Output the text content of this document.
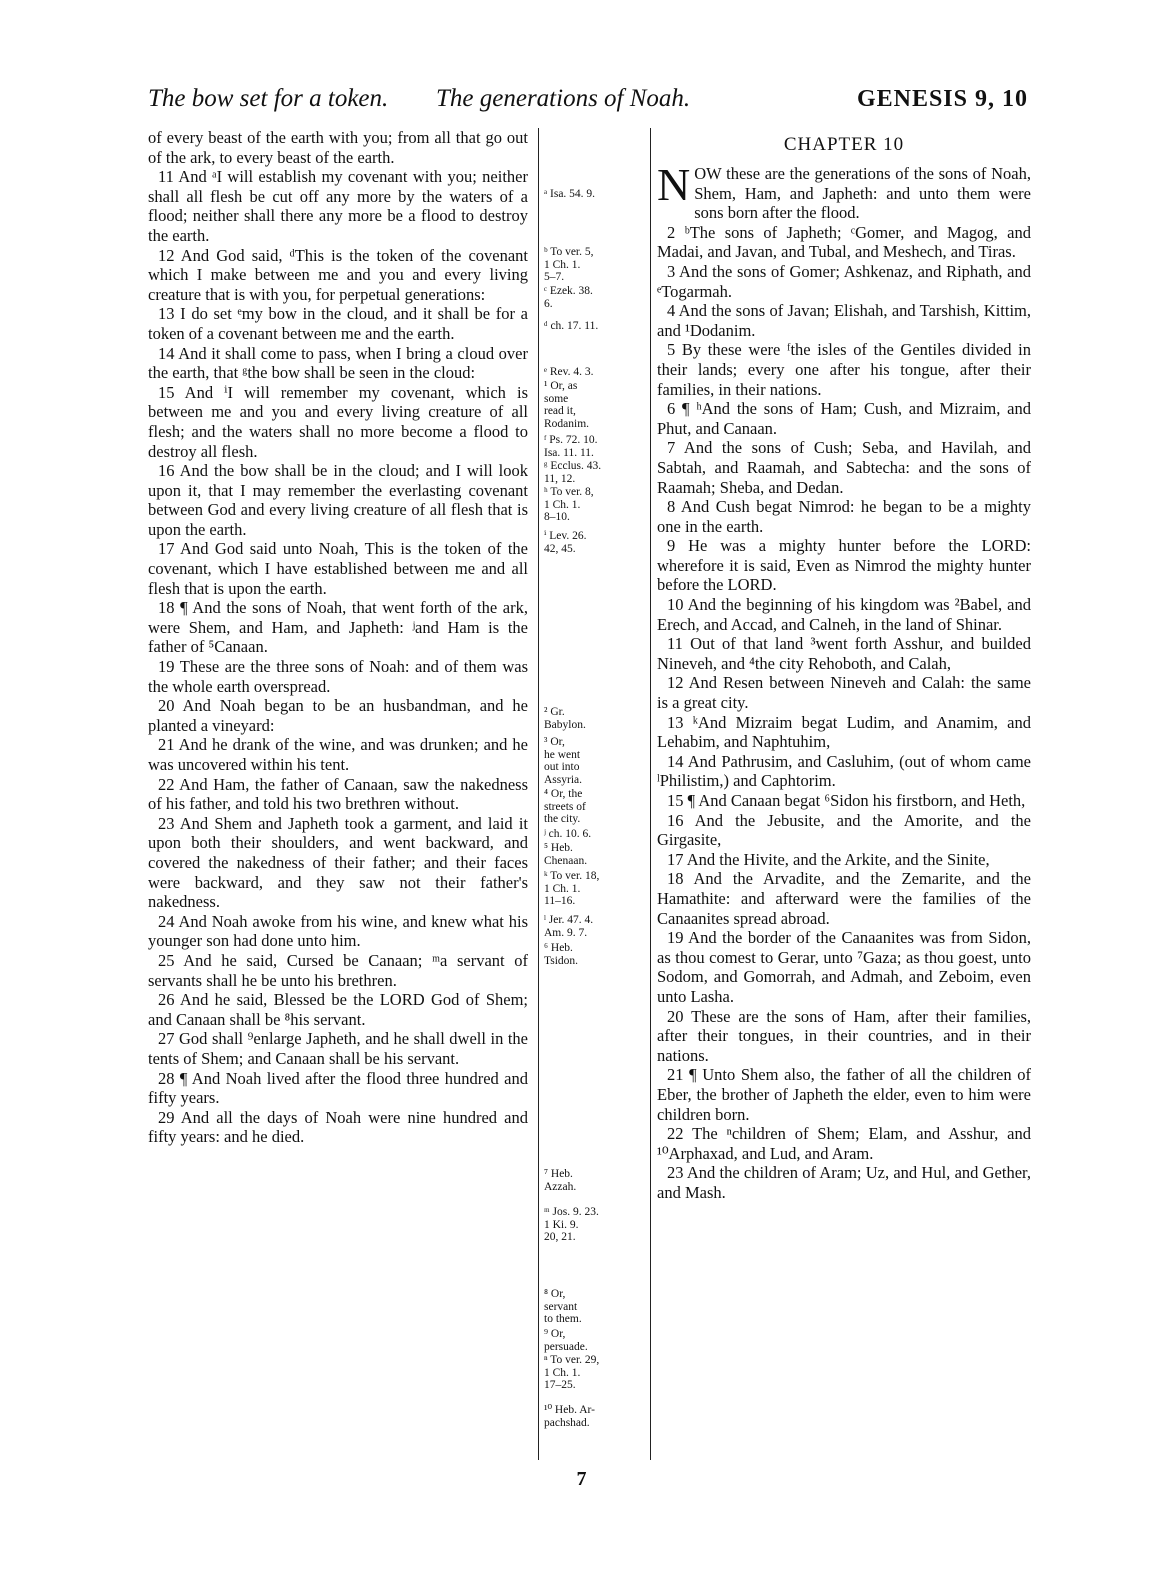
The bow set for a token. The generations of Noah.	GENESIS 9, 10

of every beast of the earth with you; from all that go out of the ark, to every beast of the earth.

11 And ᵃI will establish my covenant with you; neither shall all flesh be cut off any more by the waters of a flood; neither shall there any more be a flood to destroy the earth.

12 And God said, ᵈThis is the token of the covenant which I make between me and you and every living creature that is with you, for perpetual generations:

13 I do set ᵉmy bow in the cloud, and it shall be for a token of a covenant between me and the earth.

14 And it shall come to pass, when I bring a cloud over the earth, that ᵍthe bow shall be seen in the cloud:

15 And ⁱI will remember my covenant, which is between me and you and every living creature of all flesh; and the waters shall no more become a flood to destroy all flesh.

16 And the bow shall be in the cloud; and I will look upon it, that I may remember the everlasting covenant between God and every living creature of all flesh that is upon the earth.

17 And God said unto Noah, This is the token of the covenant, which I have established between me and all flesh that is upon the earth.

18 ¶ And the sons of Noah, that went forth of the ark, were Shem, and Ham, and Japheth: ʲand Ham is the father of ⁵Canaan.

19 These are the three sons of Noah: and of them was the whole earth overspread.

20 And Noah began to be an husbandman, and he planted a vineyard:

21 And he drank of the wine, and was drunken; and he was uncovered within his tent.

22 And Ham, the father of Canaan, saw the nakedness of his father, and told his two brethren without.

23 And Shem and Japheth took a garment, and laid it upon both their shoulders, and went backward, and covered the nakedness of their father; and their faces were backward, and they saw not their father's nakedness.

24 And Noah awoke from his wine, and knew what his younger son had done unto him.

25 And he said, Cursed be Canaan; ᵐa servant of servants shall he be unto his brethren.

26 And he said, Blessed be the LORD God of Shem; and Canaan shall be ⁸his servant.

27 God shall ⁹enlarge Japheth, and he shall dwell in the tents of Shem; and Canaan shall be his servant.

28 ¶ And Noah lived after the flood three hundred and fifty years.

29 And all the days of Noah were nine hundred and fifty years: and he died.

ᵃ Isa. 54. 9.
ᵇ To ver. 5,
1 Ch. 1.
5–7.
ᶜ Ezek. 38.
6.
ᵈ ch. 17. 11.
ᵉ Rev. 4. 3.
¹ Or, as
some
read it,
Rodanim.
ᶠ Ps. 72. 10.
Isa. 11. 11.
ᵍ Ecclus. 43.
11, 12.
ʰ To ver. 8,
1 Ch. 1.
8–10.
ⁱ Lev. 26.
42, 45.
² Gr.
Babylon.
³ Or,
he went
out into
Assyria.
⁴ Or, the
streets of
the city.
ʲ ch. 10. 6.
⁵ Heb.
Chenaan.
ᵏ To ver. 18,
1 Ch. 1.
11–16.
ˡ Jer. 47. 4.
Am. 9. 7.
⁶ Heb.
Tsidon.
⁷ Heb.
Azzah.
ᵐ Jos. 9. 23.
1 Ki. 9.
20, 21.
⁸ Or,
servant
to them.
⁹ Or,
persuade.
ⁿ To ver. 29,
1 Ch. 1.
17–25.
¹⁰ Heb. Ar-
pachshad.
CHAPTER 10

NOW these are the generations of the sons of Noah, Shem, Ham, and Japheth: and unto them were sons born after the flood.

2 ᵇThe sons of Japheth; ᶜGomer, and Magog, and Madai, and Javan, and Tubal, and Meshech, and Tiras.

3 And the sons of Gomer; Ashkenaz, and Riphath, and ᵉTogarmah.

4 And the sons of Javan; Elishah, and Tarshish, Kittim, and ¹Dodanim.

5 By these were ᶠthe isles of the Gentiles divided in their lands; every one after his tongue, after their families, in their nations.

6 ¶ ʰAnd the sons of Ham; Cush, and Mizraim, and Phut, and Canaan.

7 And the sons of Cush; Seba, and Havilah, and Sabtah, and Raamah, and Sabtecha: and the sons of Raamah; Sheba, and Dedan.

8 And Cush begat Nimrod: he began to be a mighty one in the earth.

9 He was a mighty hunter before the LORD: wherefore it is said, Even as Nimrod the mighty hunter before the LORD.

10 And the beginning of his kingdom was ²Babel, and Erech, and Accad, and Calneh, in the land of Shinar.

11 Out of that land ³went forth Asshur, and builded Nineveh, and ⁴the city Rehoboth, and Calah,

12 And Resen between Nineveh and Calah: the same is a great city.

13 ᵏAnd Mizraim begat Ludim, and Anamim, and Lehabim, and Naphtuhim,

14 And Pathrusim, and Casluhim, (out of whom came ˡPhilistim,) and Caphtorim.

15 ¶ And Canaan begat ⁶Sidon his firstborn, and Heth,

16 And the Jebusite, and the Amorite, and the Girgasite,

17 And the Hivite, and the Arkite, and the Sinite,

18 And the Arvadite, and the Zemarite, and the Hamathite: and afterward were the families of the Canaanites spread abroad.

19 And the border of the Canaanites was from Sidon, as thou comest to Gerar, unto ⁷Gaza; as thou goest, unto Sodom, and Gomorrah, and Admah, and Zeboim, even unto Lasha.

20 These are the sons of Ham, after their families, after their tongues, in their countries, and in their nations.

21 ¶ Unto Shem also, the father of all the children of Eber, the brother of Japheth the elder, even to him were children born.

22 The ⁿchildren of Shem; Elam, and Asshur, and ¹⁰Arphaxad, and Lud, and Aram.

23 And the children of Aram; Uz, and Hul, and Gether, and Mash.

7
